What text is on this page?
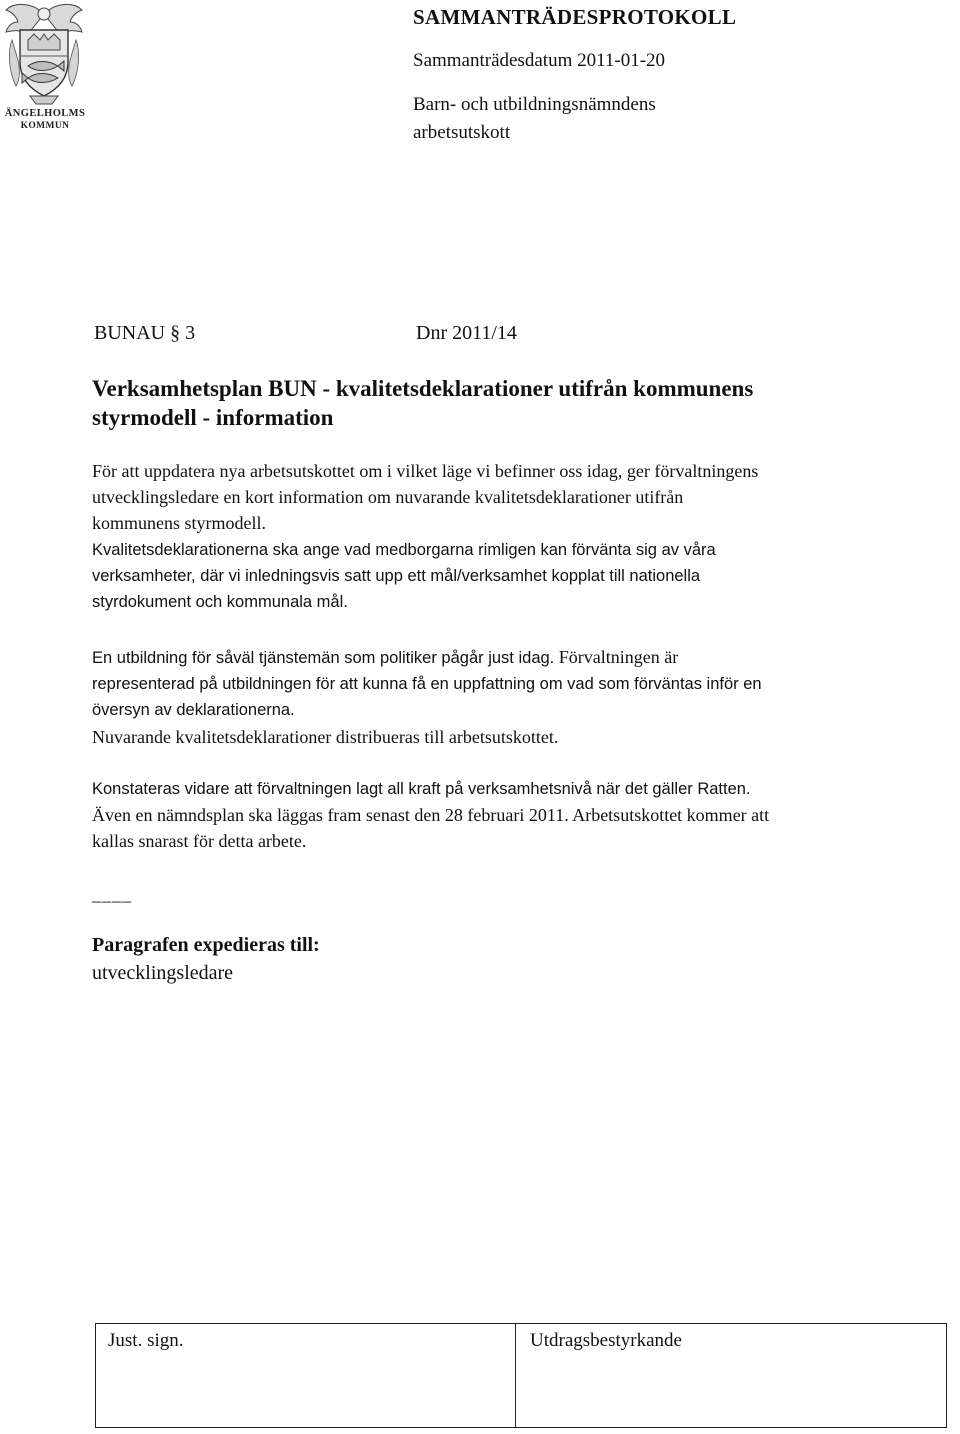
ÄNGELHOLMS
KOMMUN
SAMMANTRÄDESPROTOKOLL
Sammanträdesdatum 2011-01-20
Barn- och utbildningsnämndens
arbetsutskott
BUNAU § 3	Dnr 2011/14
Verksamhetsplan BUN - kvalitetsdeklarationer utifrån kommunens
styrmodell - information
För att uppdatera nya arbetsutskottet om i vilket läge vi befinner oss idag, ger förvaltningens
utvecklingsledare en kort information om nuvarande kvalitetsdeklarationer utifrån
kommunens styrmodell.
Kvalitetsdeklarationerna ska ange vad medborgarna rimligen kan förvänta sig av våra
verksamheter, där vi inledningsvis satt upp ett mål/verksamhet kopplat till nationella
styrdokument och kommunala mål.
En utbildning för såväl tjänstemän som politiker pågår just idag. Förvaltningen är
representerad på utbildningen för att kunna få en uppfattning om vad som förväntas inför en
översyn av deklarationerna.
Nuvarande kvalitetsdeklarationer distribueras till arbetsutskottet.
Konstateras vidare att förvaltningen lagt all kraft på verksamhetsnivå när det gäller Ratten.
Även en nämndsplan ska läggas fram senast den 28 februari 2011. Arbetsutskottet kommer att
kallas snarast för detta arbete.
____
Paragrafen expedieras till:
utvecklingsledare
Just. sign.	Utdragsbestyrkande
